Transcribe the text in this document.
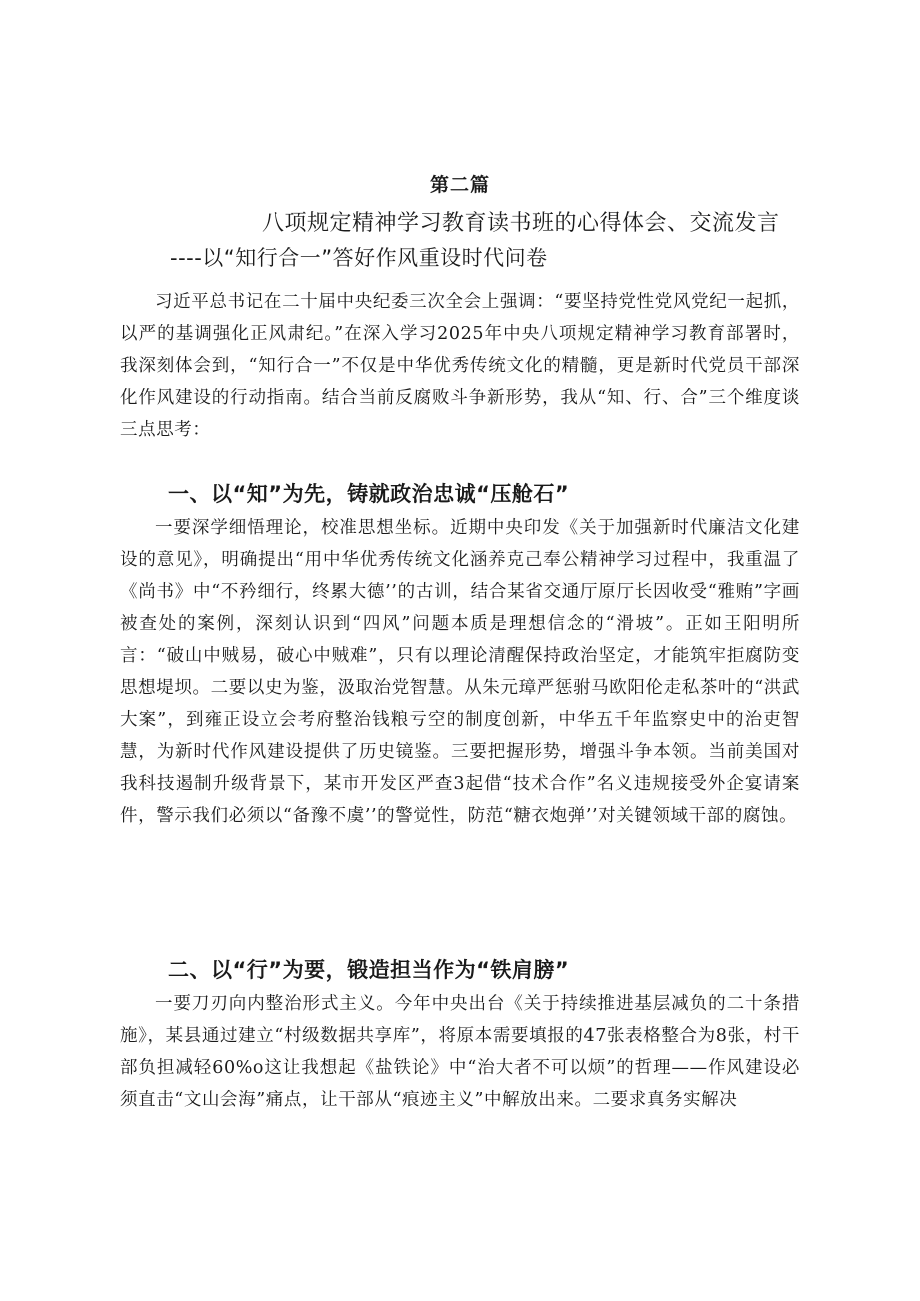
第二篇
八项规定精神学习教育读书班的心得体会、交流发言
----以“知行合一”答好作风重设时代问卷

习近平总书记在二十届中央纪委三次全会上强调：“要坚持党性党风党纪一起抓，以严的基调强化正风肃纪。”在深入学习2025年中央八项规定精神学习教育部署时，我深刻体会到，“知行合一”不仅是中华优秀传统文化的精髓，更是新时代党员干部深化作风建设的行动指南。结合当前反腐败斗争新形势，我从“知、行、合”三个维度谈三点思考：

一、以“知”为先，铸就政治忠诚“压舱石”

一要深学细悟理论，校准思想坐标。近期中央印发《关于加强新时代廉洁文化建设的意见》，明确提出“用中华优秀传统文化涵养克己奉公精神学习过程中，我重温了《尚书》中“不矜细行，终累大德’’的古训，结合某省交通厅原厅长因收受“雅贿”字画被查处的案例，深刻认识到“四风”问题本质是理想信念的“滑坡”。正如王阳明所言：“破山中贼易，破心中贼难”，只有以理论清醒保持政治坚定，才能筑牢拒腐防变思想堤坝。二要以史为鉴，汲取治党智慧。从朱元璋严惩驸马欧阳伦走私茶叶的“洪武大案”，到雍正设立会考府整治钱粮亏空的制度创新，中华五千年监察史中的治吏智慧，为新时代作风建设提供了历史镜鉴。三要把握形势，增强斗争本领。当前美国对我科技遏制升级背景下，某市开发区严查3起借“技术合作”名义违规接受外企宴请案件，警示我们必须以“备豫不虞’’的警觉性，防范“糖衣炮弹’’对关键领域干部的腐蚀。

二、以“行”为要，锻造担当作为“铁肩膀”

一要刀刃向内整治形式主义。今年中央出台《关于持续推进基层减负的二十条措施》，某县通过建立“村级数据共享库”，将原本需要填报的47张表格整合为8张，村干部负担减轻60%o这让我想起《盐铁论》中“治大者不可以烦”的哲理——作风建设必须直击“文山会海”痛点，让干部从“痕迹主义”中解放出来。二要求真务实解决
